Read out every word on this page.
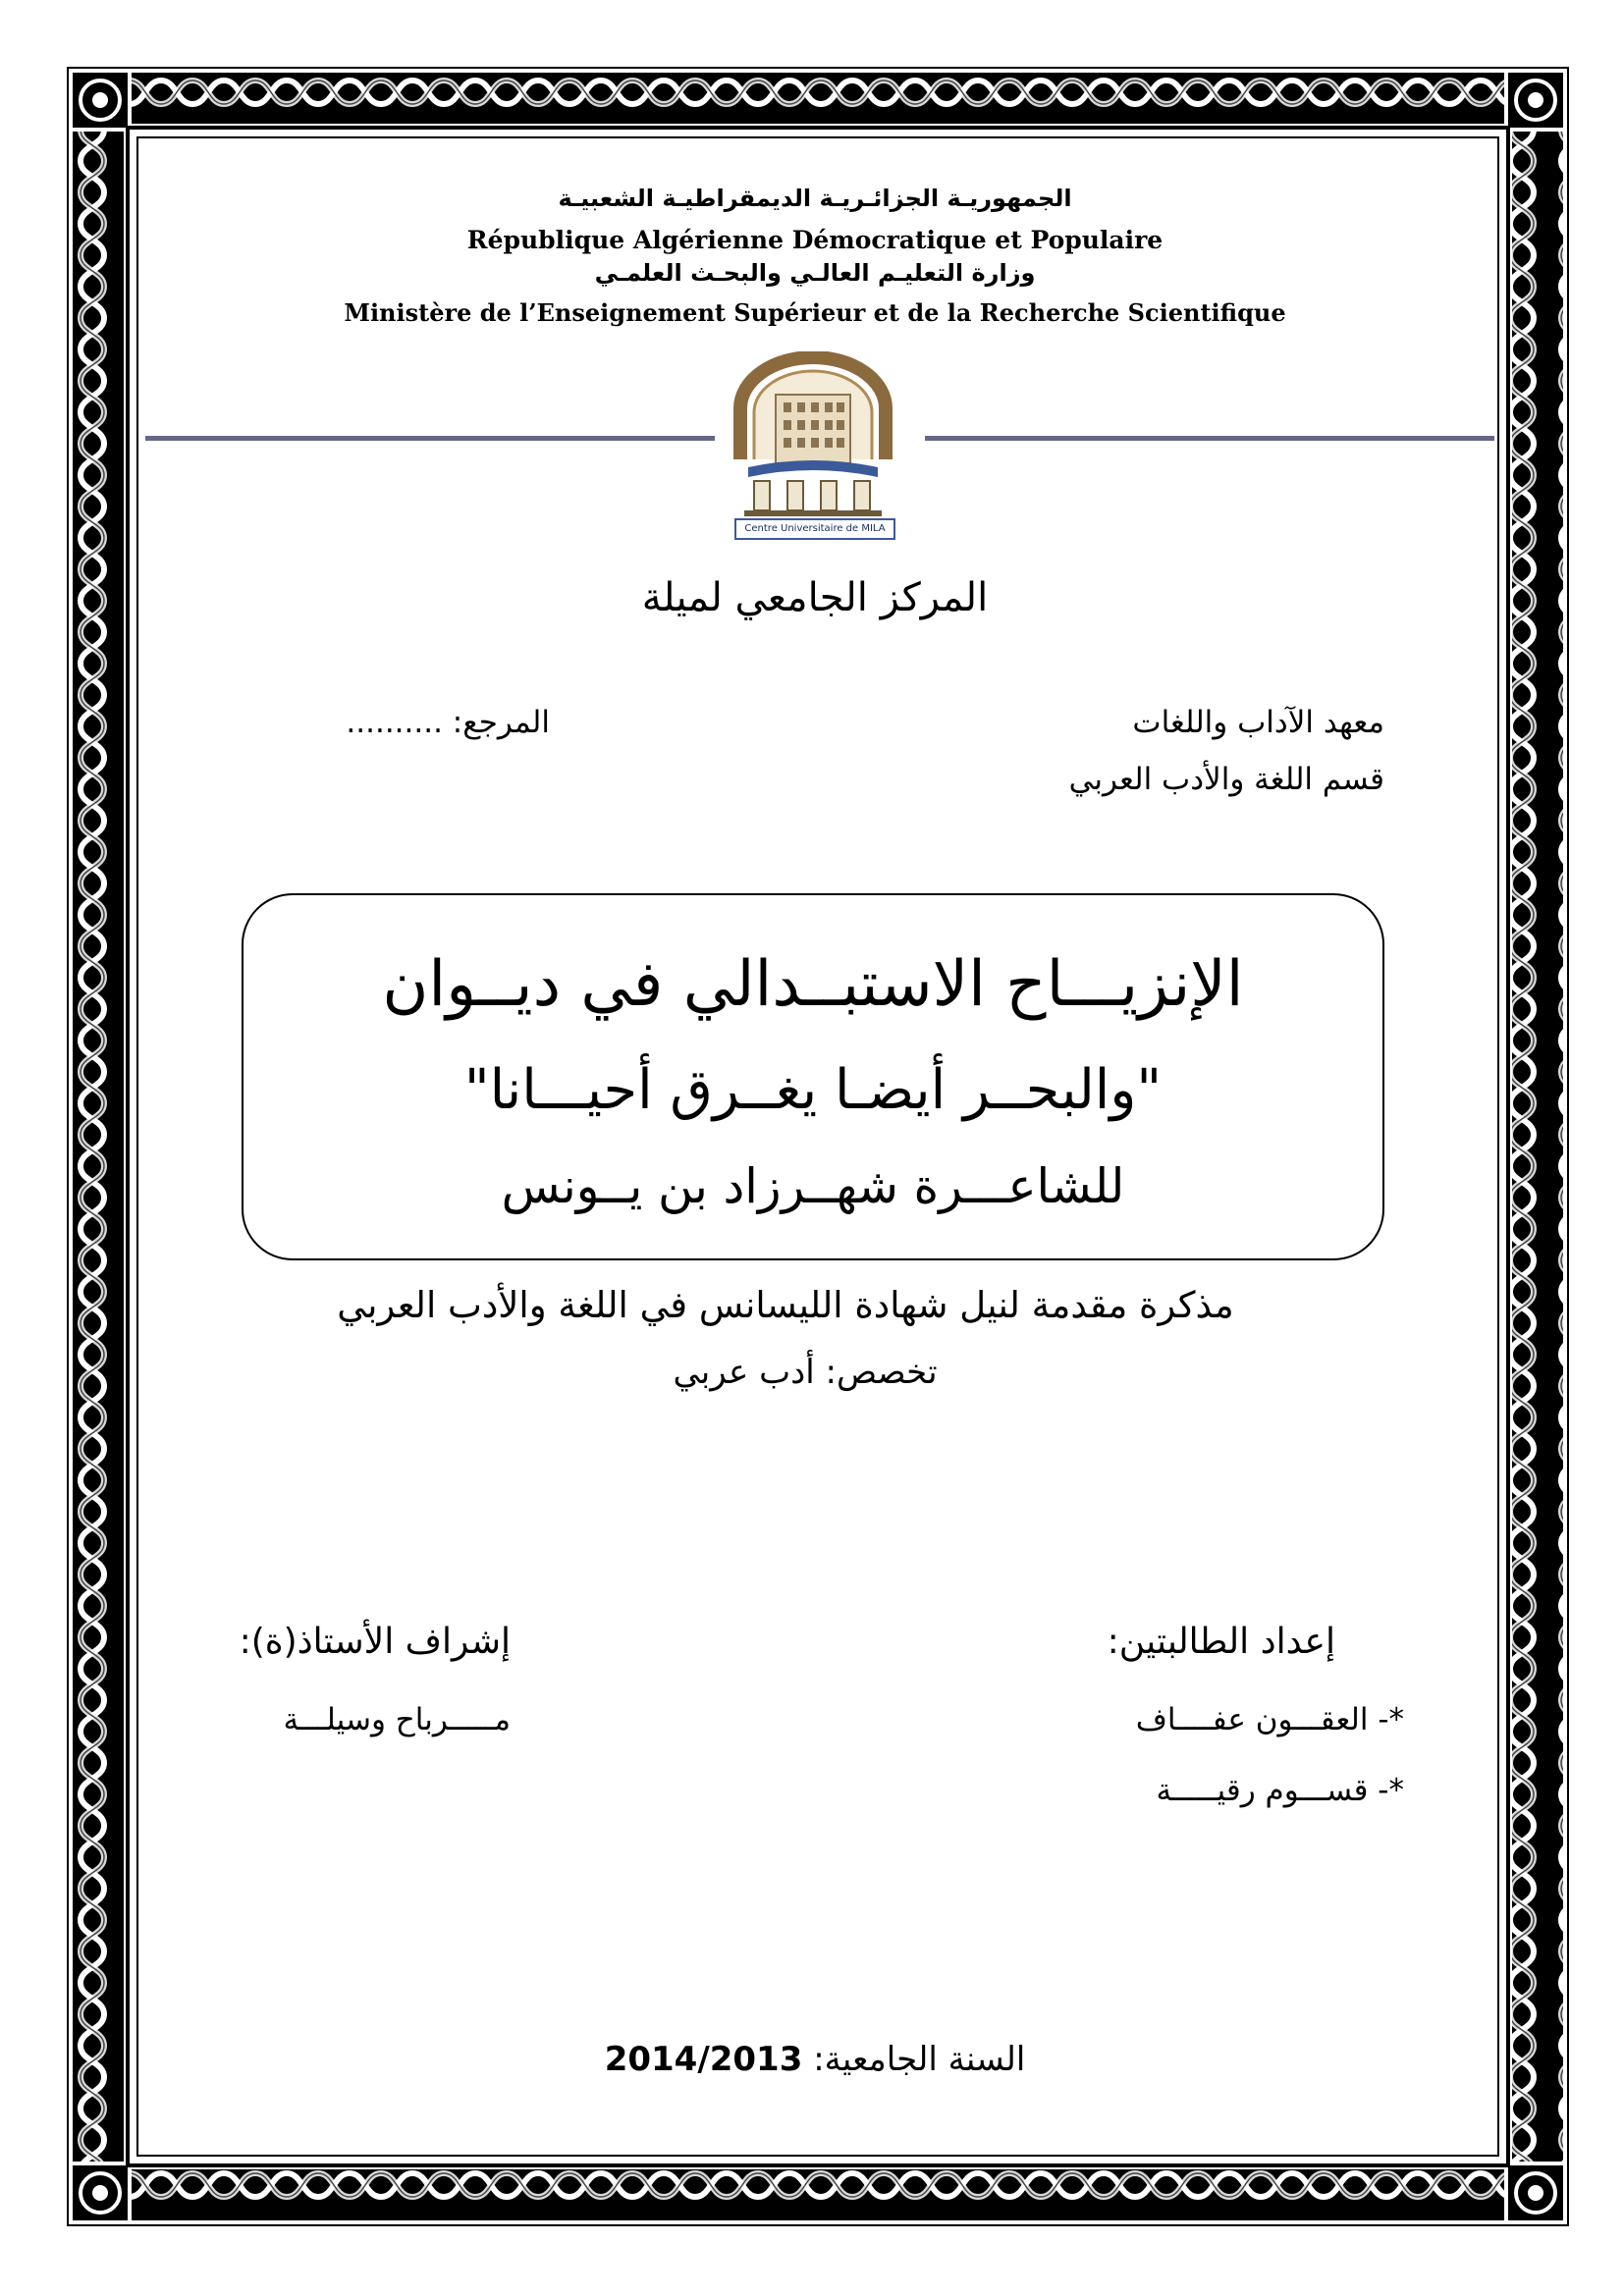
الجمهوريـة الجزائـريـة الديمقراطيـة الشعبيـة
République Algérienne Démocratique et Populaire
وزارة التعليـم العالـي والبحـث العلمـي
Ministère de l’Enseignement Supérieur et de la Recherche Scientifique
Centre Universitaire de MILA
المركز الجامعي لميلة
معهد الآداب واللغات
قسم اللغة والأدب العربي
المرجع: ..........
الإنزيـــاح الاستبــدالي في ديــوان
"والبحــر أيضـا يغــرق أحيـــانا"
للشاعـــرة شهــرزاد بن يــونس
مذكرة مقدمة لنيل شهادة الليسانس في اللغة والأدب العربي
تخصص: أدب عربي
إعداد الطالبتين:
*- العقـــون عفــــاف
*- قســـوم رقيـــــة
إشراف الأستاذ(ة):
مـــــرباح وسيلـــة
السنة الجامعية: 2014/2013
